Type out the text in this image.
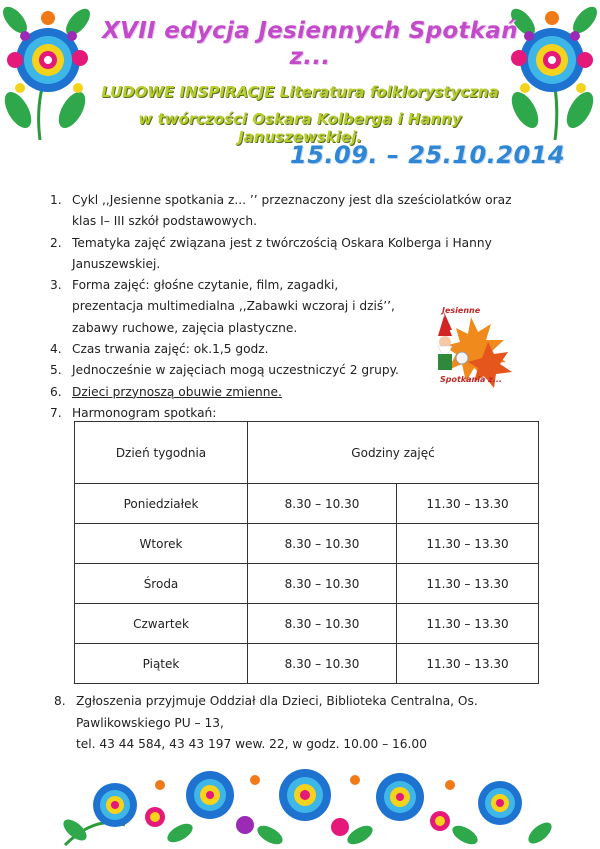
XVII edycja Jesiennych Spotkań z...
LUDOWE INSPIRACJE Literatura folklorystyczna
w twórczości Oskara Kolberga i Hanny Januszewskiej.
15.09. – 25.10.2014
1. Cykl ,,Jesienne spotkania z... ’’ przeznaczony jest dla sześciolatków oraz klas I– III szkół podstawowych.
2. Tematyka zajęć związana jest z twórczością Oskara Kolberga i Hanny Januszewskiej.
3. Forma zajęć: głośne czytanie, film, zagadki, prezentacja multimedialna ,,Zabawki wczoraj i dziś’’, zabawy ruchowe, zajęcia plastyczne.
4. Czas trwania zajęć: ok.1,5 godz.
5. Jednocześnie w zajęciach mogą uczestniczyć 2 grupy.
6. Dzieci przynoszą obuwie zmienne.
7. Harmonogram spotkań:
Jesienne
Spotkania z...
Dzień tygodnia	Godziny zajęć	
Poniedziałek	8.30 – 10.30	11.30 – 13.30
Wtorek	8.30 – 10.30	11.30 – 13.30
Środa	8.30 – 10.30	11.30 – 13.30
Czwartek	8.30 – 10.30	11.30 – 13.30
Piątek	8.30 – 10.30	11.30 – 13.30
8. Zgłoszenia przyjmuje Oddział dla Dzieci, Biblioteka Centralna, Os. Pawlikowskiego PU – 13,
tel. 43 44 584, 43 43 197 wew. 22, w godz. 10.00 – 16.00
